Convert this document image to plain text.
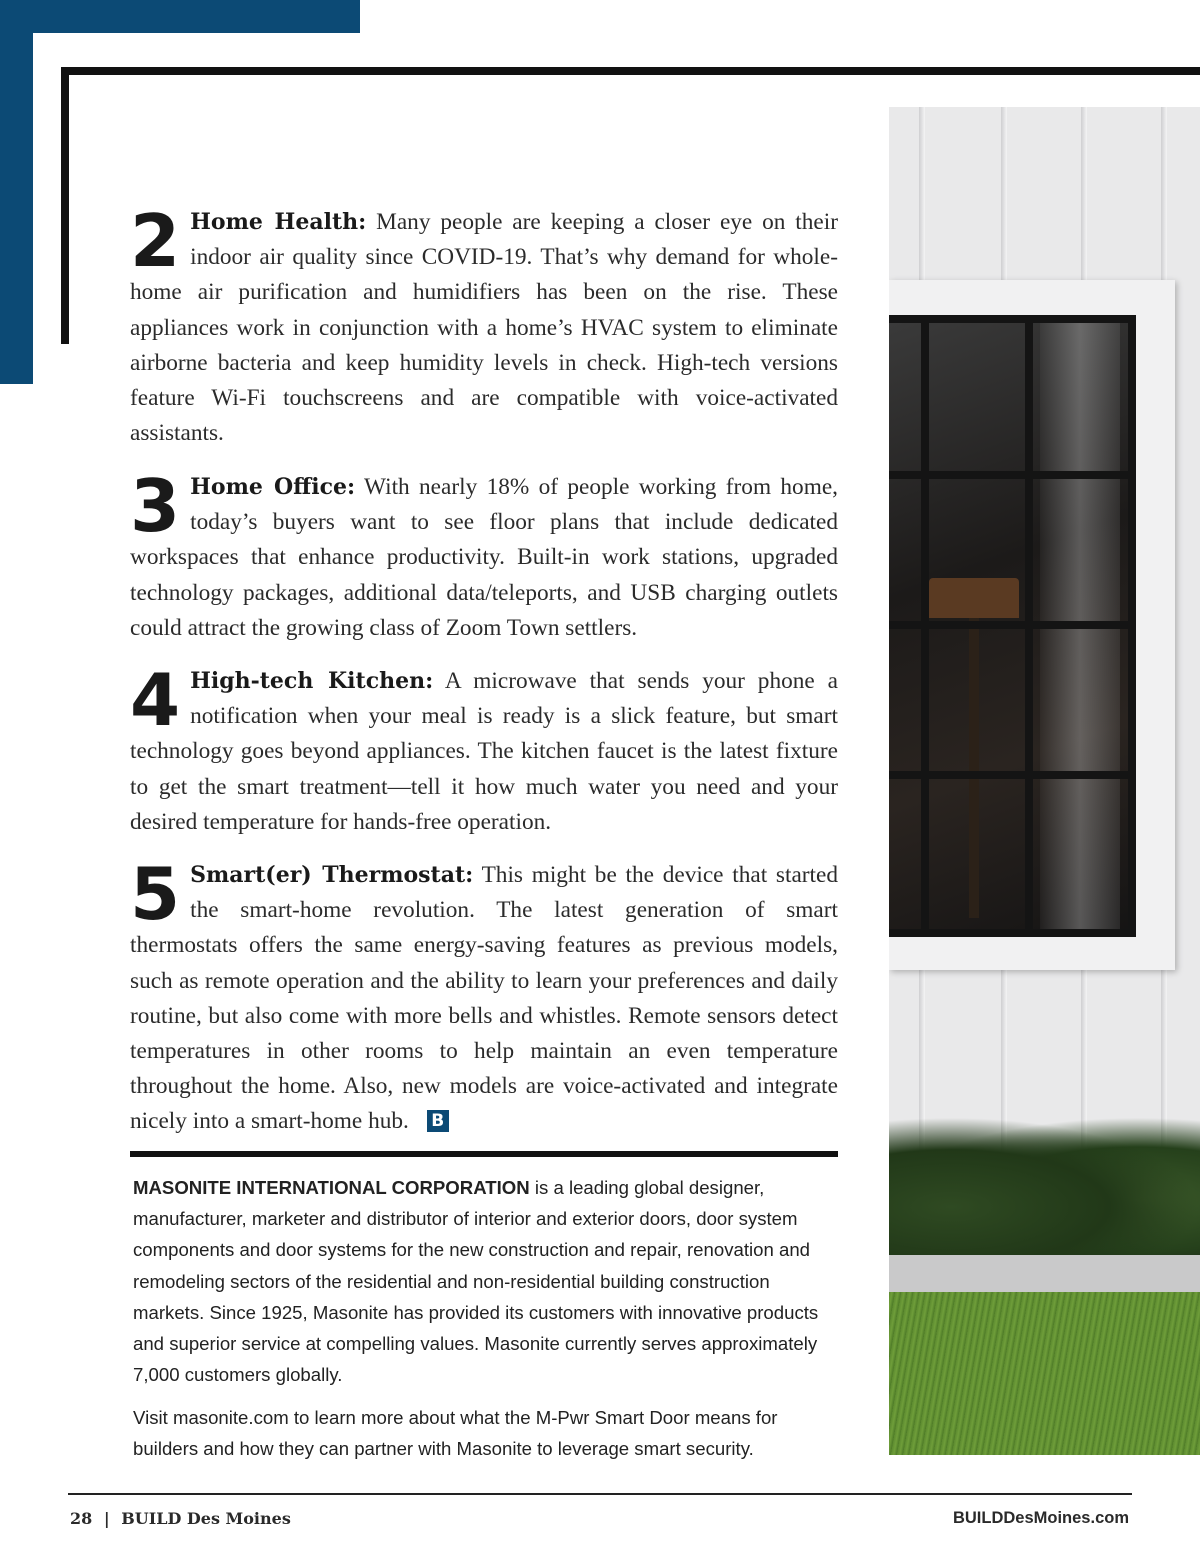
2 Home Health: Many people are keeping a closer eye on their indoor air quality since COVID-19. That’s why demand for whole-home air purification and humidifiers has been on the rise. These appliances work in conjunction with a home’s HVAC system to eliminate airborne bacteria and keep humidity levels in check. High-tech versions feature Wi-Fi touchscreens and are compatible with voice-activated assistants.
3 Home Office: With nearly 18% of people working from home, today’s buyers want to see floor plans that include dedicated workspaces that enhance productivity. Built-in work stations, upgraded technology packages, additional data/teleports, and USB charging outlets could attract the growing class of Zoom Town settlers.
4 High-tech Kitchen: A microwave that sends your phone a notification when your meal is ready is a slick feature, but smart technology goes beyond appliances. The kitchen faucet is the latest fixture to get the smart treatment—tell it how much water you need and your desired temperature for hands-free operation.
5 Smart(er) Thermostat: This might be the device that started the smart-home revolution. The latest generation of smart thermostats offers the same energy-saving features as previous models, such as remote operation and the ability to learn your preferences and daily routine, but also come with more bells and whistles. Remote sensors detect temperatures in other rooms to help maintain an even temperature throughout the home. Also, new models are voice-activated and integrate nicely into a smart-home hub. B
MASONITE INTERNATIONAL CORPORATION is a leading global designer, manufacturer, marketer and distributor of interior and exterior doors, door system components and door systems for the new construction and repair, renovation and remodeling sectors of the residential and non-residential building construction markets. Since 1925, Masonite has provided its customers with innovative products and superior service at compelling values. Masonite currently serves approximately 7,000 customers globally.
Visit masonite.com to learn more about what the M-Pwr Smart Door means for builders and how they can partner with Masonite to leverage smart security.
28 | BUILD Des Moines	BUILDDesMoines.com
